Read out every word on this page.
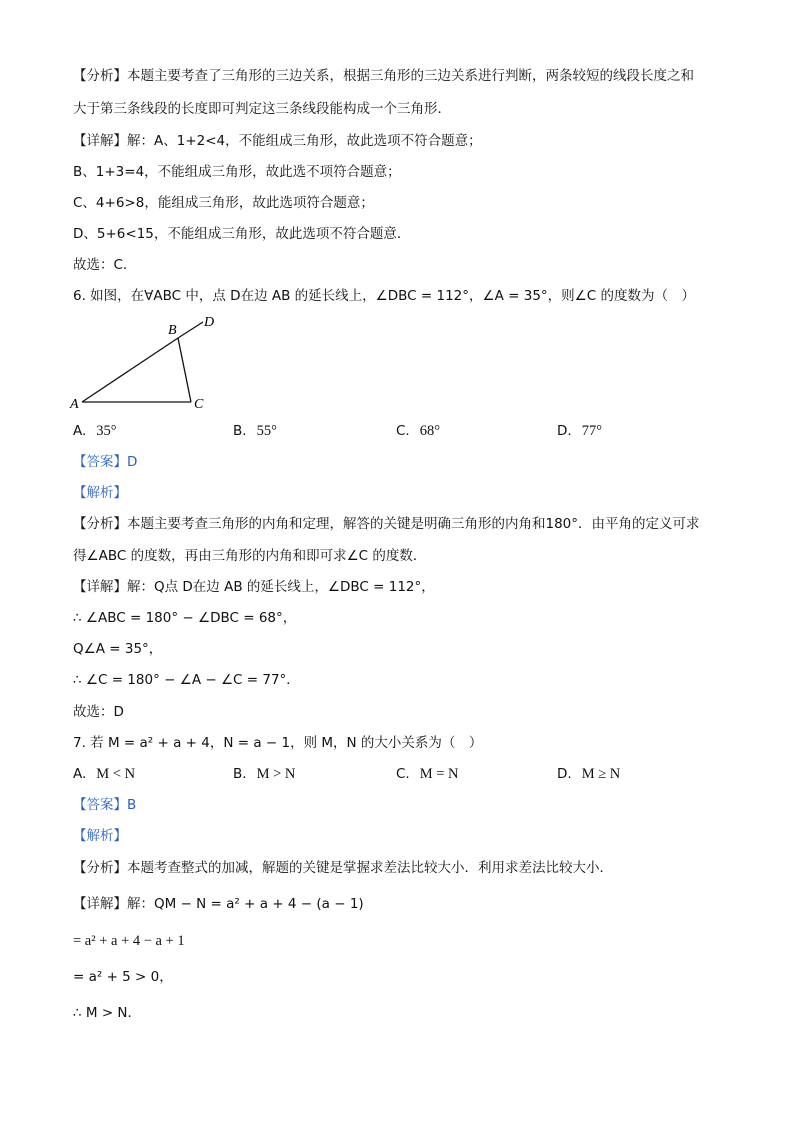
【分析】本题主要考查了三角形的三边关系，根据三角形的三边关系进行判断，两条较短的线段长度之和
大于第三条线段的长度即可判定这三条线段能构成一个三角形．
【详解】解：A、1+2<4，不能组成三角形，故此选项不符合题意；
B、1+3=4，不能组成三角形，故此选不项符合题意；
C、4+6>8，能组成三角形，故此选项符合题意；
D、5+6<15，不能组成三角形，故此选项不符合题意．
故选：C．
6. 如图，在∀ABC 中，点 D在边 AB 的延长线上，∠DBC = 112°，∠A = 35°，则∠C 的度数为（　）
A
B
C
D
A. 35°	B. 55°	C. 68°	D. 77°
【答案】D
【解析】
【分析】本题主要考查三角形的内角和定理，解答的关键是明确三角形的内角和180°．由平角的定义可求
得∠ABC 的度数，再由三角形的内角和即可求∠C 的度数．
【详解】解：Q点 D在边 AB 的延长线上，∠DBC = 112°，
∴ ∠ABC = 180° − ∠DBC = 68°，
Q∠A = 35°，
∴ ∠C = 180° − ∠A − ∠C = 77°．
故选：D
7. 若 M = a² + a + 4，N = a − 1，则 M，N 的大小关系为（　）
A. M < N	B. M > N	C. M = N	D. M ≥ N
【答案】B
【解析】
【分析】本题考查整式的加减，解题的关键是掌握求差法比较大小．利用求差法比较大小．
【详解】解：QM − N = a² + a + 4 − (a − 1)
= a² + a + 4 − a + 1
= a² + 5 > 0，
∴ M > N．
